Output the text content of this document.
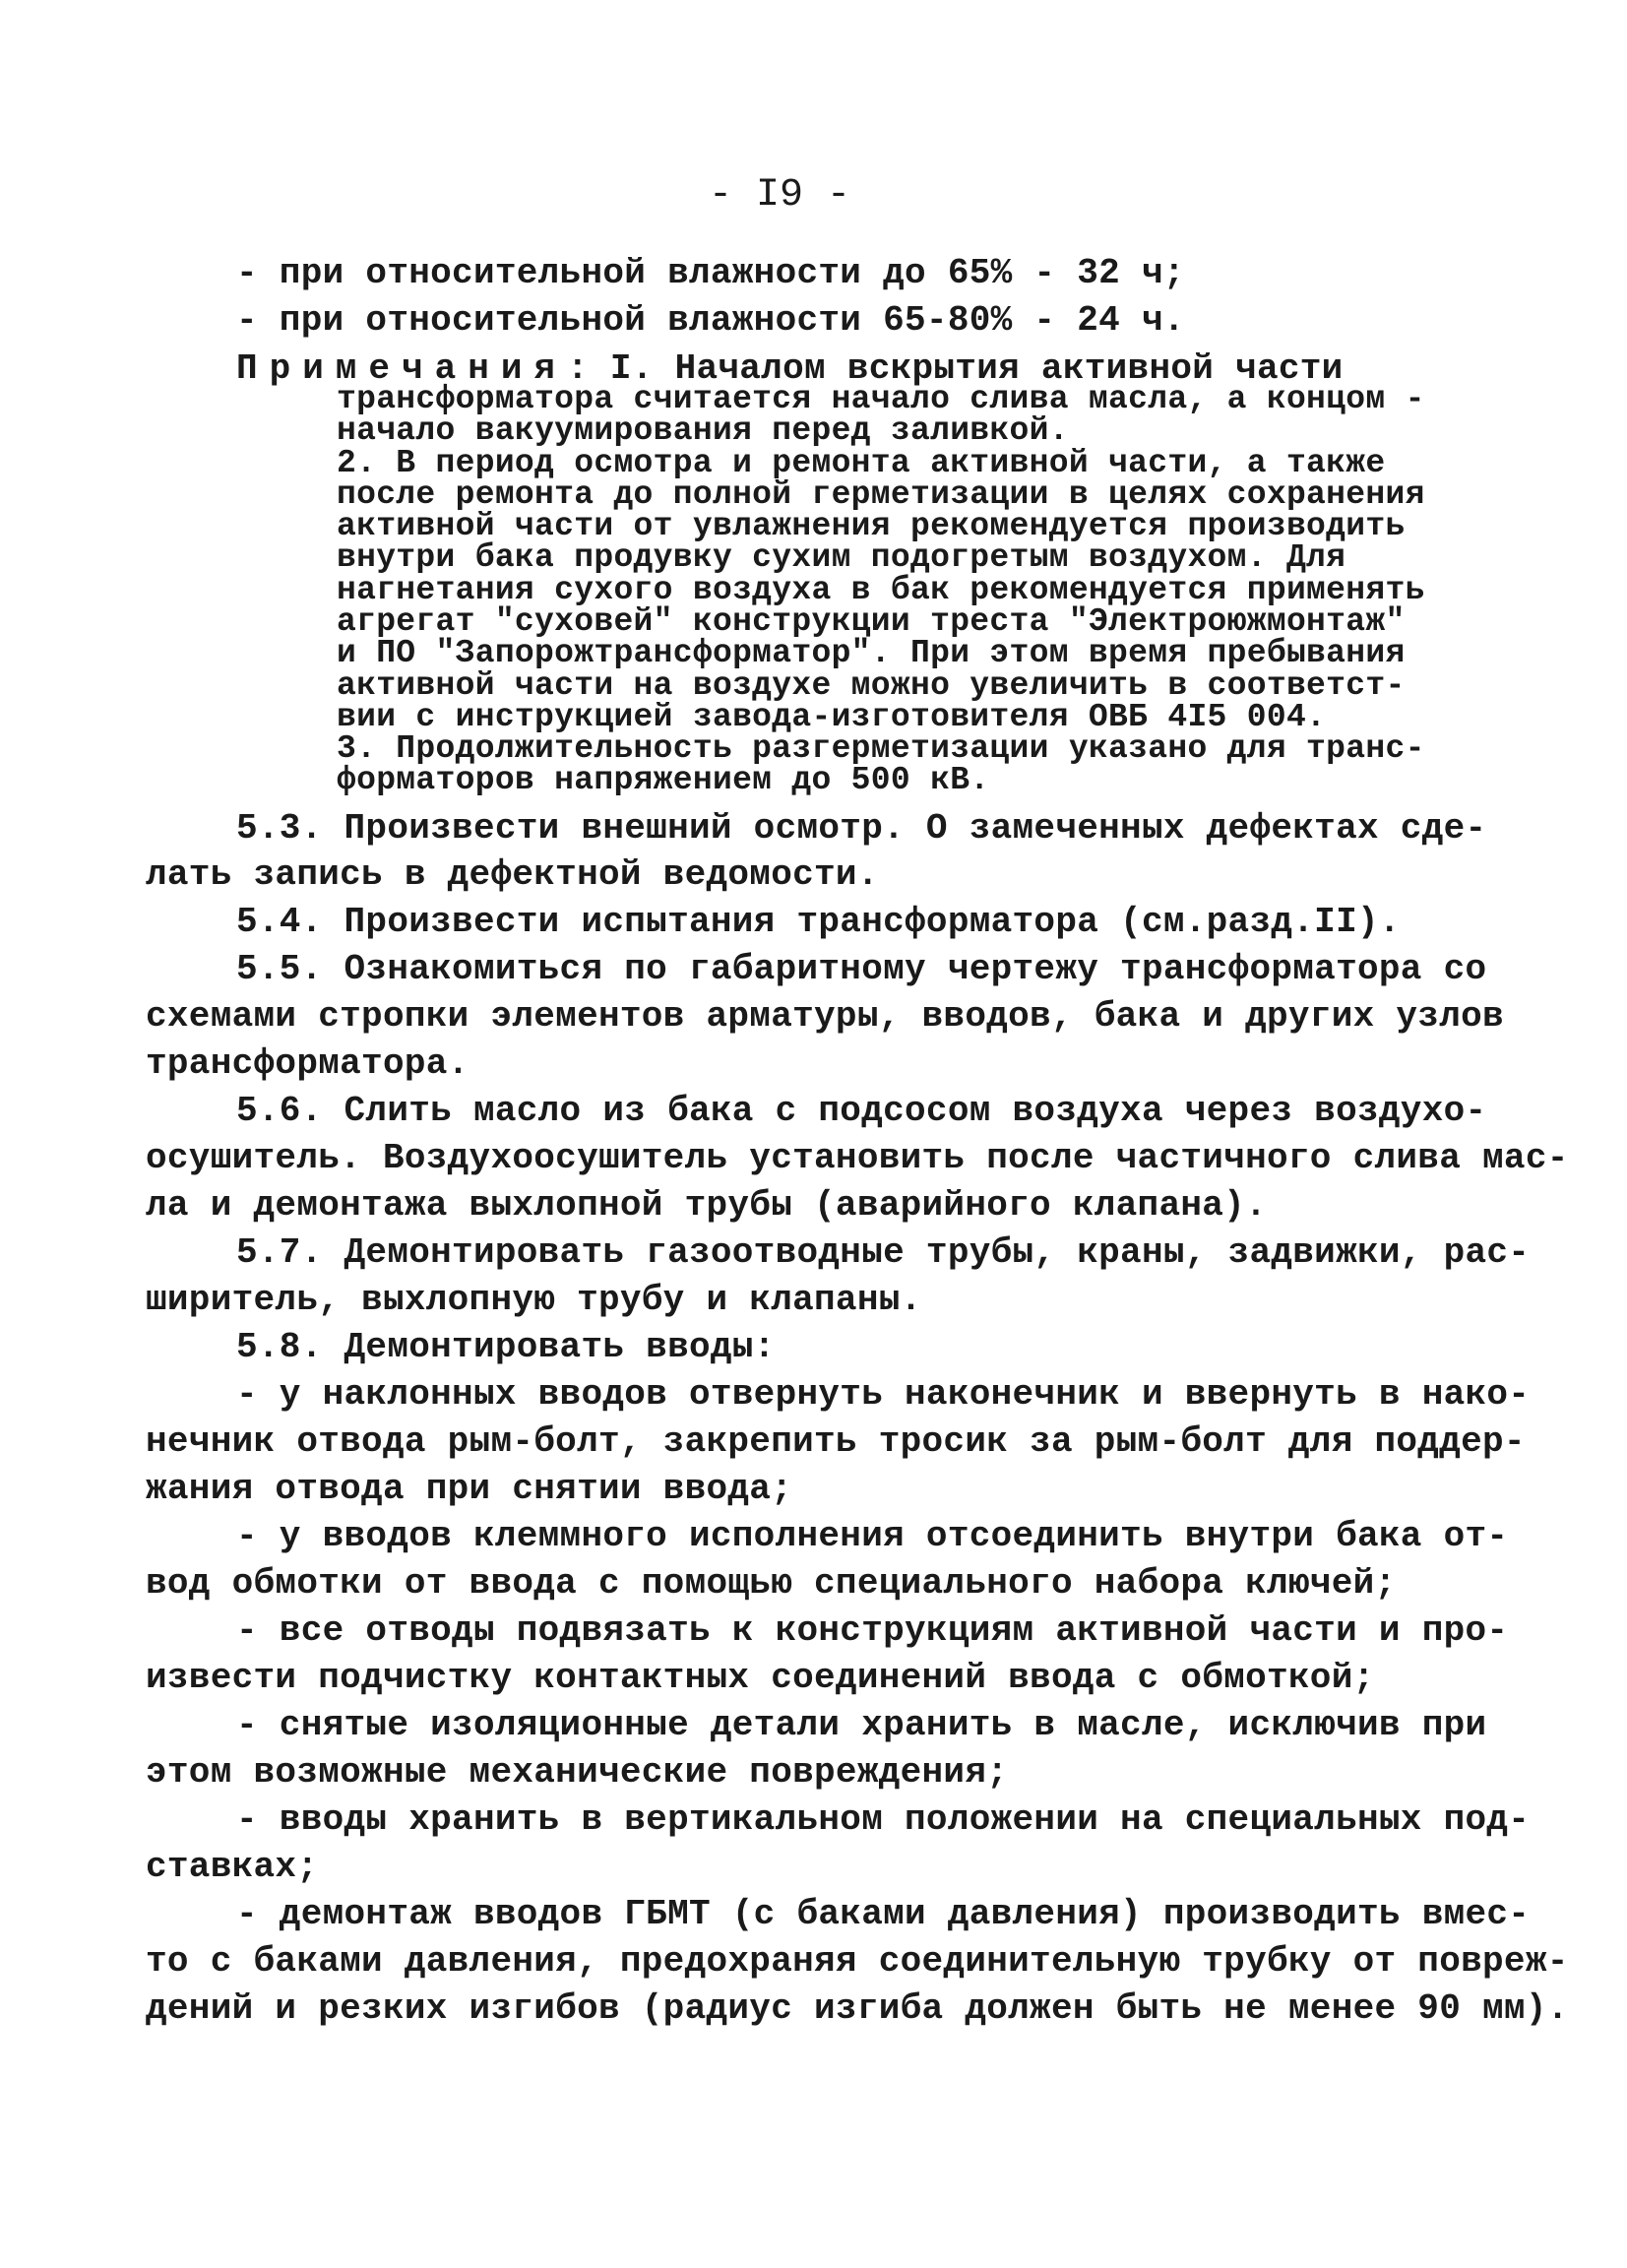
- I9 -
- при относительной влажности до 65% - 32 ч;
- при относительной влажности 65-80% - 24 ч.
Примечания: I. Началом вскрытия активной части
трансформатора считается начало слива масла, а концом -
начало вакуумирования перед заливкой.
2. В период осмотра и ремонта активной части, а также
после ремонта до полной герметизации в целях сохранения
активной части от увлажнения рекомендуется производить
внутри бака продувку сухим подогретым воздухом. Для
нагнетания сухого воздуха в бак рекомендуется применять
агрегат "суховей" конструкции треста "Электроюжмонтаж"
и ПО "Запорожтрансформатор". При этом время пребывания
активной части на воздухе можно увеличить в соответст-
вии с инструкцией завода-изготовителя ОВБ 4I5 004.
3. Продолжительность разгерметизации указано для транс-
форматоров напряжением до 500 кВ.
5.3. Произвести внешний осмотр. О замеченных дефектах сде-
лать запись в дефектной ведомости.
5.4. Произвести испытания трансформатора (см.разд.II).
5.5. Ознакомиться по габаритному чертежу трансформатора со
схемами стропки элементов арматуры, вводов, бака и других узлов
трансформатора.
5.6. Слить масло из бака с подсосом воздуха через воздухо-
осушитель. Воздухоосушитель установить после частичного слива мас-
ла и демонтажа выхлопной трубы (аварийного клапана).
5.7. Демонтировать газоотводные трубы, краны, задвижки, рас-
ширитель, выхлопную трубу и клапаны.
5.8. Демонтировать вводы:
- у наклонных вводов отвернуть наконечник и ввернуть в нако-
нечник отвода рым-болт, закрепить тросик за рым-болт для поддер-
жания отвода при снятии ввода;
- у вводов клеммного исполнения отсоединить внутри бака от-
вод обмотки от ввода с помощью специального набора ключей;
- все отводы подвязать к конструкциям активной части и про-
извести подчистку контактных соединений ввода с обмоткой;
- снятые изоляционные детали хранить в масле, исключив при
этом возможные механические повреждения;
- вводы хранить в вертикальном положении на специальных под-
ставках;
- демонтаж вводов ГБМТ (с баками давления) производить вмес-
то с баками давления, предохраняя соединительную трубку от повреж-
дений и резких изгибов (радиус изгиба должен быть не менее 90 мм).
